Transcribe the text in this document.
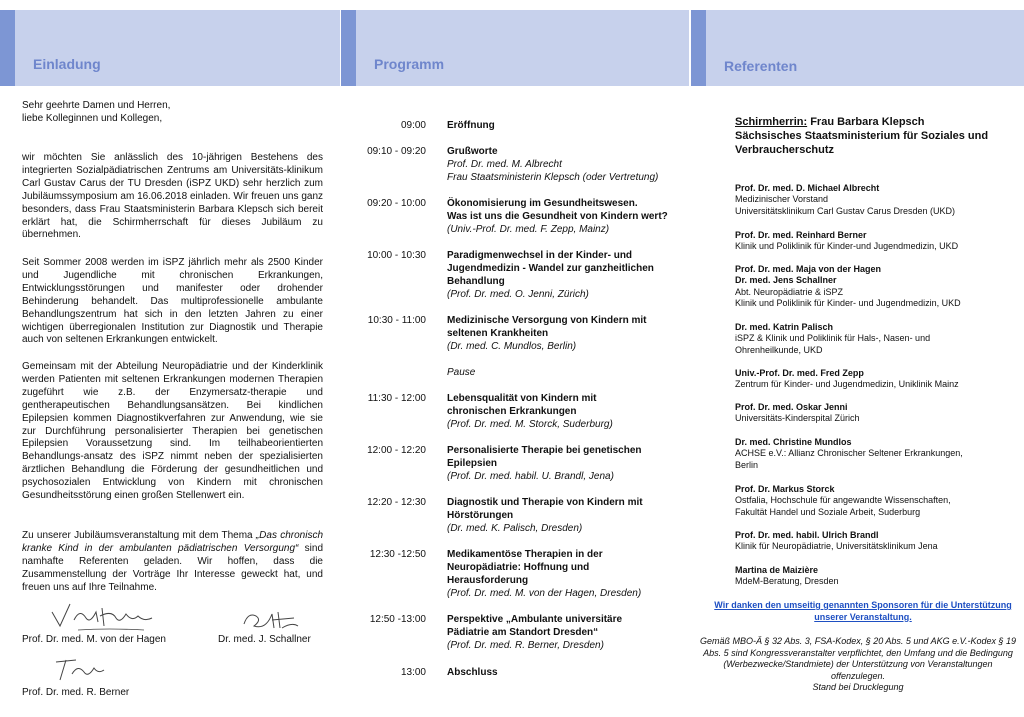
Einladung
Sehr geehrte Damen und Herren,
liebe Kolleginnen und Kollegen,
wir möchten Sie anlässlich des 10-jährigen Bestehens des integrierten Sozialpädiatrischen Zentrums am Universitäts-klinikum Carl Gustav Carus der TU Dresden (iSPZ UKD) sehr herzlich zum Jubiläumssymposium am 16.06.2018 einladen. Wir freuen uns ganz besonders, dass Frau Staatsministerin Barbara Klepsch sich bereit erklärt hat, die Schirmherrschaft für dieses Jubiläum zu übernehmen.
Seit Sommer 2008 werden im iSPZ jährlich mehr als 2500 Kinder und Jugendliche mit chronischen Erkrankungen, Entwicklungsstörungen und manifester oder drohender Behinderung behandelt. Das multiprofessionelle ambulante Behandlungszentrum hat sich in den letzten Jahren zu einer wichtigen überregionalen Institution zur Diagnostik und Therapie auch von seltenen Erkrankungen entwickelt.
Gemeinsam mit der Abteilung Neuropädiatrie und der Kinderklinik werden Patienten mit seltenen Erkrankungen modernen Therapien zugeführt wie z.B. der Enzymersatz-therapie und gentherapeutischen Behandlungsansätzen. Bei kindlichen Epilepsien kommen Diagnostikverfahren zur Anwendung, wie sie zur Durchführung personalisierter Therapien bei genetischen Epilepsien Voraussetzung sind. Im teilhabeorientierten Behandlungs-ansatz des iSPZ nimmt neben der spezialisierten ärztlichen Behandlung die Förderung der gesundheitlichen und psychosozialen Entwicklung von Kindern mit chronischen Gesundheitsstörung einen großen Stellenwert ein.
Zu unserer Jubiläumsveranstaltung mit dem Thema „Das chronisch kranke Kind in der ambulanten pädiatrischen Versorgung“ sind namhafte Referenten geladen. Wir hoffen, dass die Zusammenstellung der Vorträge Ihr Interesse geweckt hat, und freuen uns auf Ihre Teilnahme.
Prof. Dr. med. M. von der Hagen	Dr. med. J. Schallner
Prof. Dr. med. R. Berner
Programm
09:00 Eröffnung
09:10 - 09:20 Grußworte
Prof. Dr. med. M. Albrecht
Frau Staatsministerin Klepsch (oder Vertretung)
09:20 - 10:00 Ökonomisierung im Gesundheitswesen.
Was ist uns die Gesundheit von Kindern wert?
(Univ.-Prof. Dr. med. F. Zepp, Mainz)
10:00 - 10:30 Paradigmenwechsel in der Kinder- und
Jugendmedizin - Wandel zur ganzheitlichen
Behandlung
(Prof. Dr. med. O. Jenni, Zürich)
10:30 - 11:00 Medizinische Versorgung von Kindern mit
seltenen Krankheiten
(Dr. med. C. Mundlos, Berlin)

Pause
11:30 - 12:00 Lebensqualität von Kindern mit
chronischen Erkrankungen
(Prof. Dr. med. M. Storck, Suderburg)
12:00 - 12:20 Personalisierte Therapie bei genetischen
Epilepsien
(Prof. Dr. med. habil. U. Brandl, Jena)
12:20 - 12:30 Diagnostik und Therapie von Kindern mit
Hörstörungen
(Dr. med. K. Palisch, Dresden)
12:30 -12:50 Medikamentöse Therapien in der
Neuropädiatrie: Hoffnung und
Herausforderung
(Prof. Dr. med. M. von der Hagen, Dresden)
12:50 -13:00 Perspektive „Ambulante universitäre
Pädiatrie am Standort Dresden“
(Prof. Dr. med. R. Berner, Dresden)
13:00 Abschluss
Referenten
Schirmherrin: Frau Barbara Klepsch
Sächsisches Staatsministerium für Soziales und Verbraucherschutz
Prof. Dr. med. D. Michael Albrecht
Medizinischer Vorstand
Universitätsklinikum Carl Gustav Carus Dresden (UKD)
Prof. Dr. med. Reinhard Berner
Klinik und Poliklinik für Kinder-und Jugendmedizin, UKD
Prof. Dr. med. Maja von der Hagen
Dr. med. Jens Schallner
Abt. Neuropädiatrie & iSPZ
Klinik und Poliklinik für Kinder- und Jugendmedizin, UKD
Dr. med. Katrin Palisch
iSPZ & Klinik und Poliklinik für Hals-, Nasen- und
Ohrenheilkunde, UKD
Univ.-Prof. Dr. med. Fred Zepp
Zentrum für Kinder- und Jugendmedizin, Uniklinik Mainz
Prof. Dr. med. Oskar Jenni
Universitäts-Kinderspital Zürich
Dr. med. Christine Mundlos
ACHSE e.V.: Allianz Chronischer Seltener Erkrankungen,
Berlin
Prof. Dr. Markus Storck
Ostfalia, Hochschule für angewandte Wissenschaften,
Fakultät Handel und Soziale Arbeit, Suderburg
Prof. Dr. med. habil. Ulrich Brandl
Klinik für Neuropädiatrie, Universitätsklinikum Jena
Martina de Maizière
MdeM-Beratung, Dresden
Wir danken den umseitig genannten Sponsoren für die Unterstützung unserer Veranstaltung.
Gemäß MBO-Ä § 32 Abs. 3, FSA-Kodex, § 20 Abs. 5 und AKG e.V.-Kodex § 19 Abs. 5 sind Kongressveranstalter verpflichtet, den Umfang und die Bedingung (Werbezwecke/Standmiete) der Unterstützung von Veranstaltungen offenzulegen.
Stand bei Drucklegung
